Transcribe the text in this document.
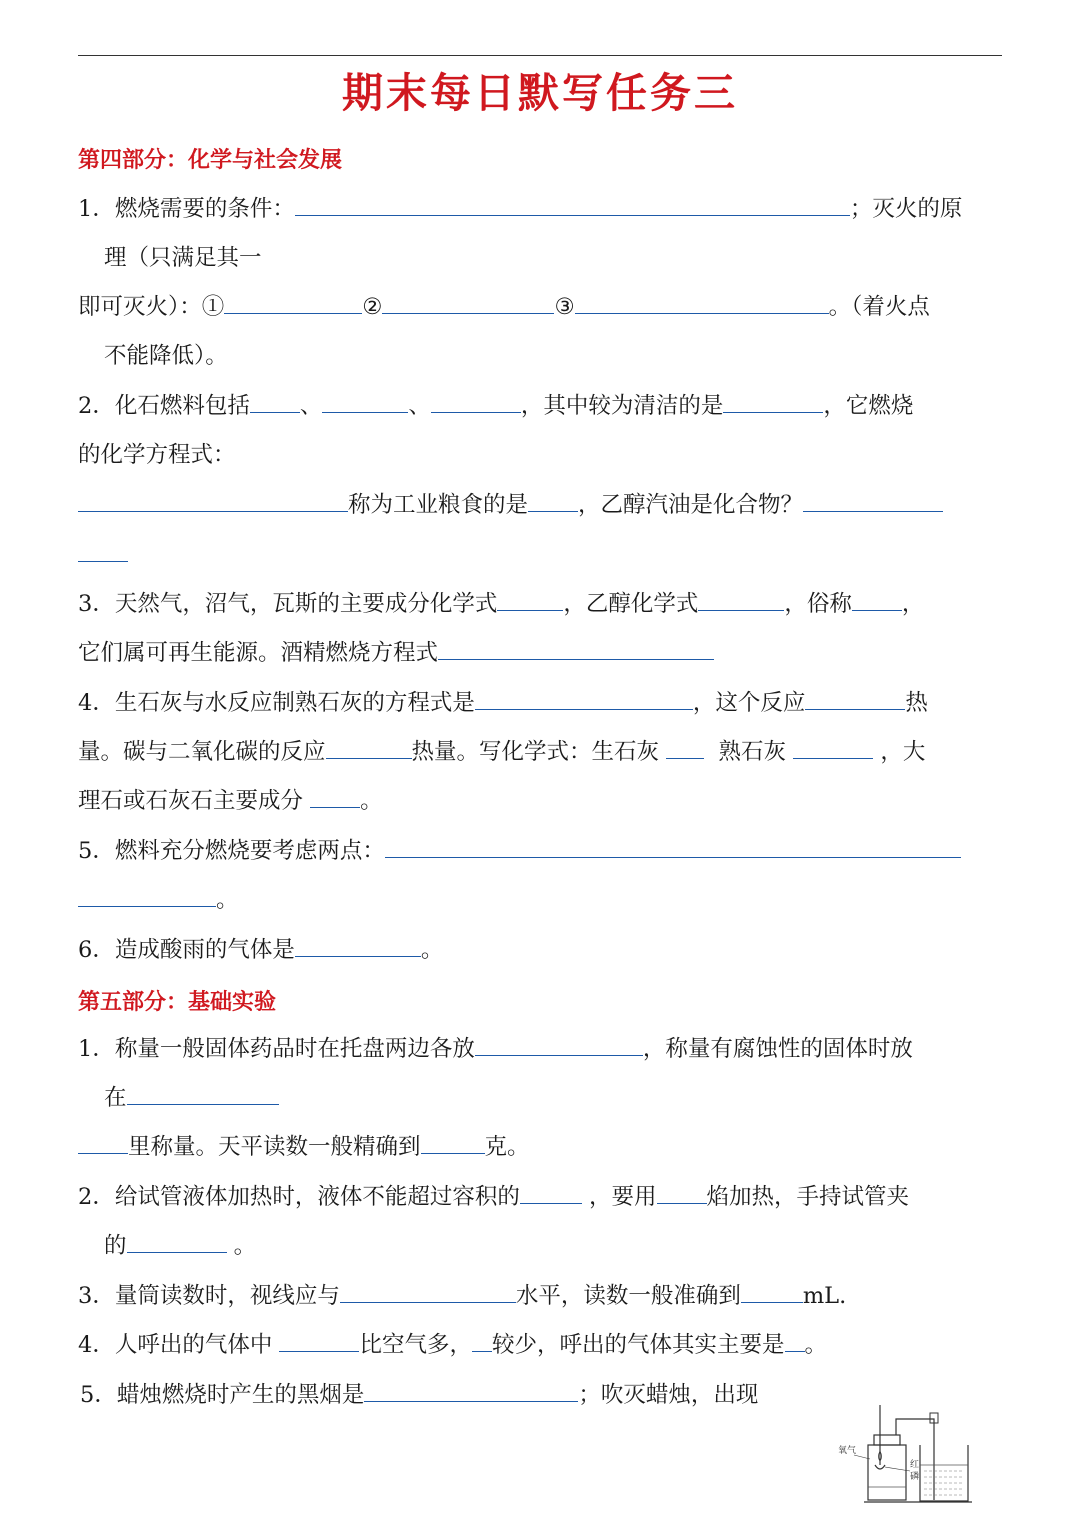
期末每日默写任务三
第四部分：化学与社会发展
1．燃烧需要的条件：	；灭火的原
理（只满足其一
即可灭火）：①	②	③	。（着火点
不能降低）。
2．化石燃料包括 、	、	，其中较为清洁的是	，它燃烧
的化学方程式：
称为工业粮食的是 ，乙醇汽油是化合物？
3．天然气，沼气，瓦斯的主要成分化学式	，乙醇化学式	，俗称 ，
它们属可再生能源。酒精燃烧方程式
4．生石灰与水反应制熟石灰的方程式是	，这个反应	热
量。碳与二氧化碳的反应	热量。写化学式：生石灰	熟石灰	，大
理石或石灰石主要成分	。
5．燃料充分燃烧要考虑两点：
。
6．造成酸雨的气体是	。
第五部分：基础实验
1．称量一般固体药品时在托盘两边各放	，称量有腐蚀性的固体时放
在
里称量。天平读数一般精确到	克。
2．给试管液体加热时，液体不能超过容积的	，要用 焰加热，手持试管夹
的	。
3．量筒读数时，视线应与	水平，读数一般准确到	mL.
4．人呼出的气体中	比空气多， 较少，呼出的气体其实主要是 。
5．蜡烛燃烧时产生的黑烟是	；吹灭蜡烛，出现
氧气
红
磷
